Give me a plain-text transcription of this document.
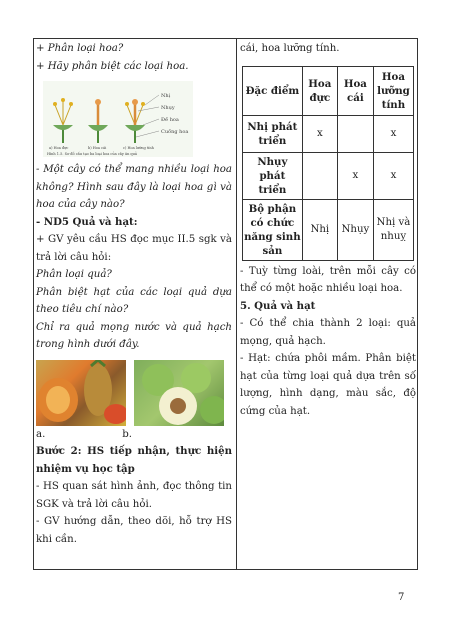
+ Phân loại hoa?

+ Hãy phân biệt các loại hoa.

Nhị
Nhụy
Đế hoa
Cuống hoa
a) Hoa đực	b) Hoa cái	c) Hoa lưỡng tính
Hình 1.5. Sơ đồ cấu tạo ba loại hoa của cây ăn quả

- Một cây có thể mang nhiều loại hoa không? Hình sau đây là loại hoa gì và hoa của cây nào?

- ND5 Quả và hạt:

+ GV yêu cầu HS đọc mục II.5 sgk và trả lời câu hỏi:

Phân loại quả?

Phân biệt hạt của các loại quả dựa theo tiêu chí nào?

Chỉ ra quả mọng nước và quả hạch trong hình dưới đây.

a.	b.

Bước 2: HS tiếp nhận, thực hiện nhiệm vụ học tập

- HS quan sát hình ảnh, đọc thông tin SGK và trả lời câu hỏi.

- GV hướng dẫn, theo dõi, hỗ trợ HS khi cần.

cái, hoa lưỡng tính.

Đặc điểm	Hoa đực	Hoa cái	Hoa lưỡng tính
Nhị phát triển	x		x
Nhụy phát triển		x	x
Bộ phận có chức năng sinh sản	Nhị	Nhụy	Nhị và nhuỵ

- Tuỳ từng loài, trên mỗi cây có thể có một hoặc nhiều loại hoa.

5. Quả và hạt

- Có thể chia thành 2 loại: quả mọng, quả hạch.

- Hạt: chứa phôi mầm. Phân biệt hạt của từng loại quả dựa trên số lượng, hình dạng, màu sắc, độ cứng của hạt.

7
